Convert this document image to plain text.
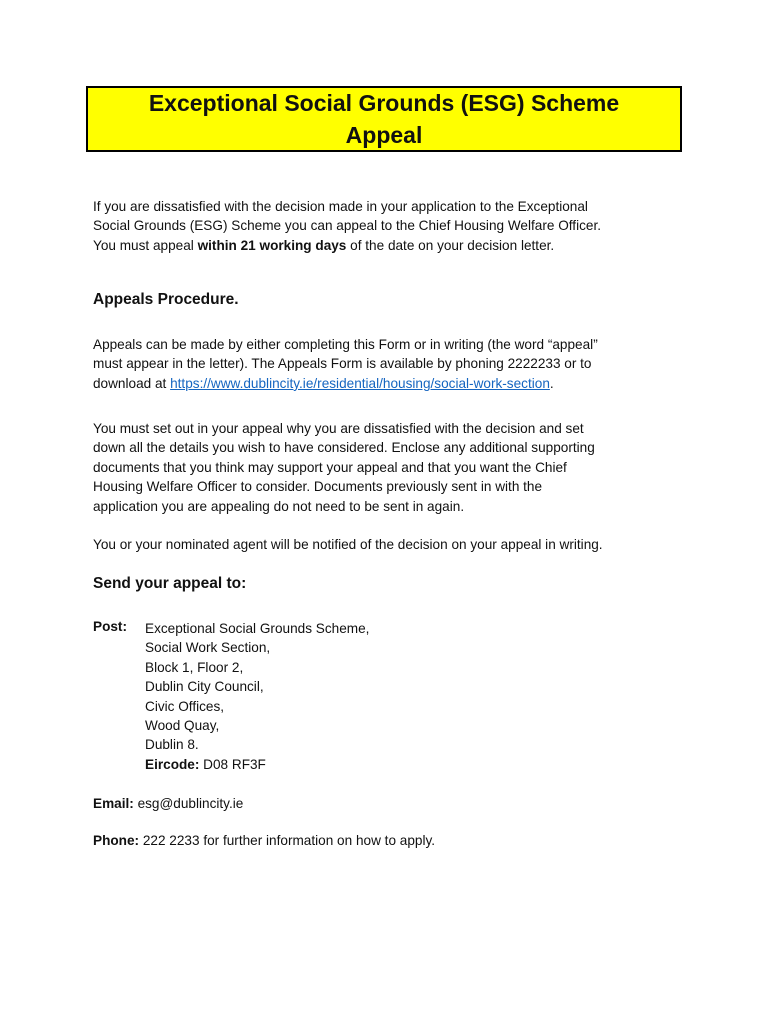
Exceptional Social Grounds (ESG) Scheme
Appeal
If you are dissatisfied with the decision made in your application to the Exceptional
Social Grounds (ESG) Scheme you can appeal to the Chief Housing Welfare Officer.
You must appeal within 21 working days of the date on your decision letter.
Appeals Procedure.
Appeals can be made by either completing this Form or in writing (the word “appeal”
must appear in the letter). The Appeals Form is available by phoning 2222233 or to
download at https://www.dublincity.ie/residential/housing/social-work-section.
You must set out in your appeal why you are dissatisfied with the decision and set
down all the details you wish to have considered. Enclose any additional supporting
documents that you think may support your appeal and that you want the Chief
Housing Welfare Officer to consider. Documents previously sent in with the
application you are appealing do not need to be sent in again.
You or your nominated agent will be notified of the decision on your appeal in writing.
Send your appeal to:
Post: Exceptional Social Grounds Scheme,
Social Work Section,
Block 1, Floor 2,
Dublin City Council,
Civic Offices,
Wood Quay,
Dublin 8.
Eircode: D08 RF3F
Email: esg@dublincity.ie
Phone: 222 2233 for further information on how to apply.
